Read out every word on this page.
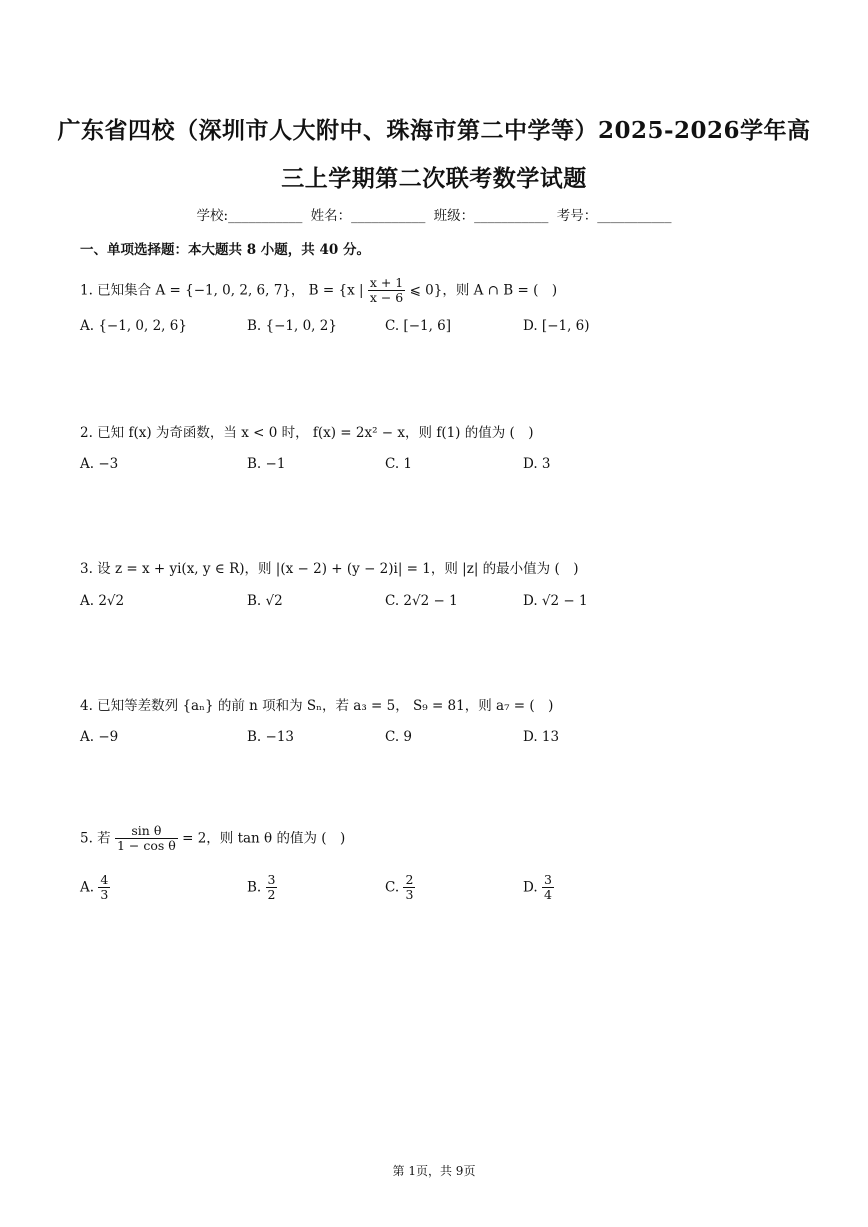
广东省四校（深圳市人大附中、珠海市第二中学等）2025-2026学年高
三上学期第二次联考数学试题
学校:___________ 姓名：___________ 班级：___________ 考号：___________
一、单项选择题：本大题共 8 小题，共 40 分。
1. 已知集合 A = {−1, 0, 2, 6, 7}， B = {x | $\frac{x + 1}{x - 6}$ ⩽ 0}，则 A ∩ B = (　)
A. {−1, 0, 2, 6}	B. {−1, 0, 2}	C. [−1, 6]	D. [−1, 6)
2. 已知 f(x) 为奇函数，当 x < 0 时， f(x) = 2x² − x，则 f(1) 的值为 (　)
A. −3	B. −1	C. 1	D. 3
3. 设 z = x + yi(x, y ∈ R)，则 |(x − 2) + (y − 2)i| = 1，则 |z| 的最小值为 (　)
A. 2√2	B. √2	C. 2√2 − 1	D. √2 − 1
4. 已知等差数列 {aₙ} 的前 n 项和为 Sₙ，若 a₃ = 5， S₉ = 81，则 a₇ = (　)
A. −9	B. −13	C. 9	D. 13
5. 若 $\frac{\text{sin θ}}{\text{1 − cos θ}} = 2$，则 tan θ 的值为 (　)
A. $\frac{4}{3}$	B. $\frac{3}{2}$	C. $\frac{2}{3}$	D. $\frac{3}{4}$
第 1页，共 9页
